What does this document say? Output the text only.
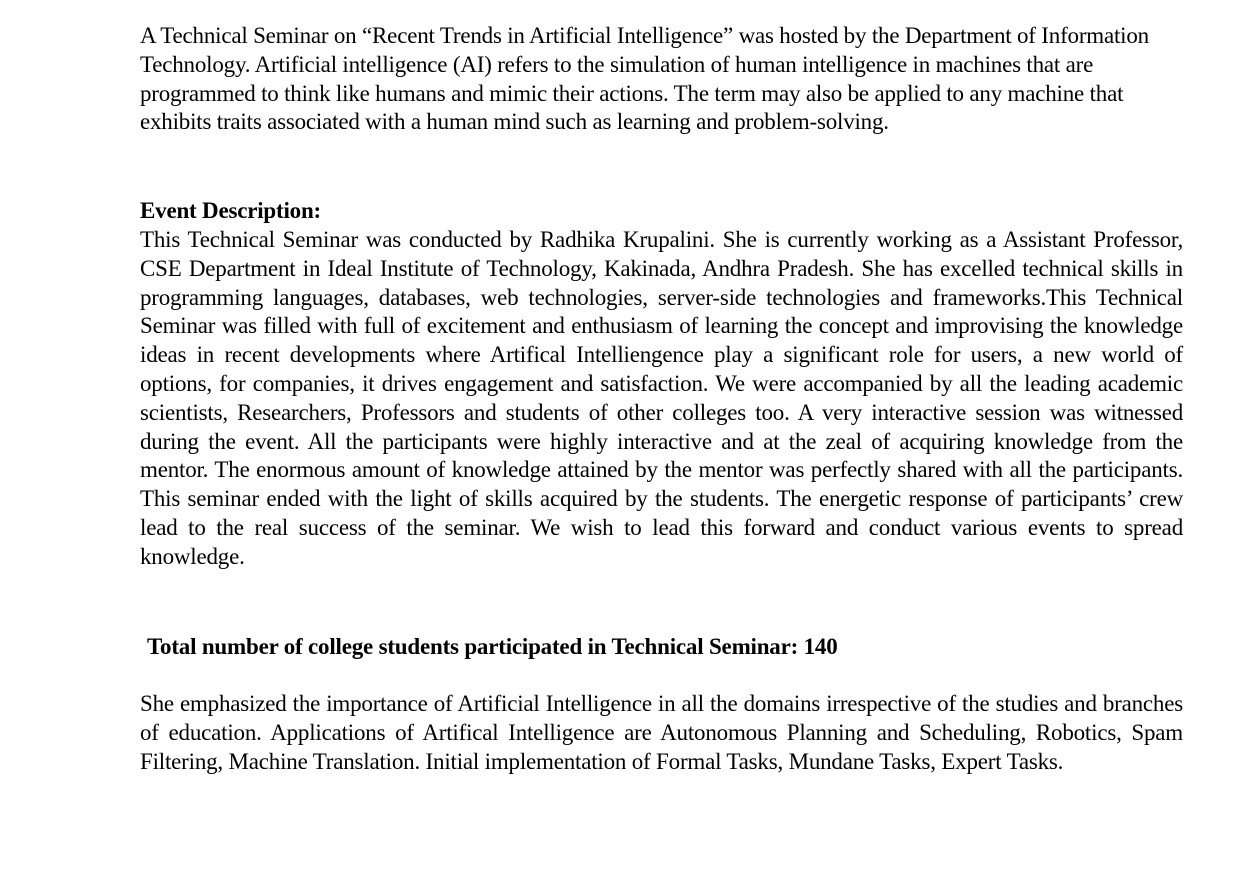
A Technical Seminar on “Recent Trends in Artificial Intelligence” was hosted by the Department of Information Technology. Artificial intelligence (AI) refers to the simulation of human intelligence in machines that are programmed to think like humans and mimic their actions. The term may also be applied to any machine that exhibits traits associated with a human mind such as learning and problem-solving.

Event Description:

This Technical Seminar was conducted by Radhika Krupalini. She is currently working as a Assistant Professor, CSE Department in Ideal Institute of Technology, Kakinada, Andhra Pradesh. She has excelled technical skills in programming languages, databases, web technologies, server-side technologies and frameworks.This Technical Seminar was filled with full of excitement and enthusiasm of learning the concept and improvising the knowledge ideas in recent developments where Artifical Intelliengence play a significant role for users, a new world of options, for companies, it drives engagement and satisfaction. We were accompanied by all the leading academic scientists, Researchers, Professors and students of other colleges too. A very interactive session was witnessed during the event. All the participants were highly interactive and at the zeal of acquiring knowledge from the mentor. The enormous amount of knowledge attained by the mentor was perfectly shared with all the participants. This seminar ended with the light of skills acquired by the students. The energetic response of participants’ crew lead to the real success of the seminar. We wish to lead this forward and conduct various events to spread knowledge.

Total number of college students participated in Technical Seminar: 140

She emphasized the importance of Artificial Intelligence in all the domains irrespective of the studies and branches of education. Applications of Artifical Intelligence are Autonomous Planning and Scheduling, Robotics, Spam Filtering, Machine Translation. Initial implementation of Formal Tasks, Mundane Tasks, Expert Tasks.
